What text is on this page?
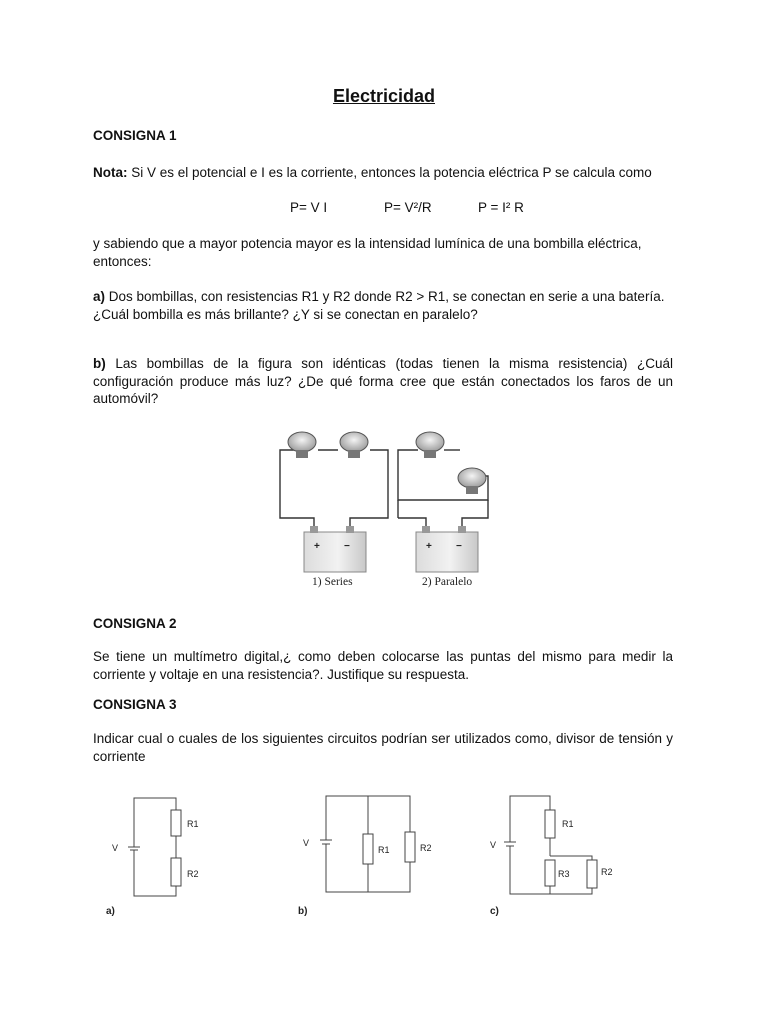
Electricidad
CONSIGNA 1
Nota: Si V es el potencial e I es la corriente, entonces la potencia eléctrica P se calcula como
P= V I	P= V²/R	P = I² R
y sabiendo que a mayor potencia mayor es la intensidad lumínica de una bombilla eléctrica, entonces:
a) Dos bombillas, con resistencias R1 y R2 donde R2 > R1, se conectan en serie a una batería.¿Cuál bombilla es más brillante? ¿Y si se conectan en paralelo?
b) Las bombillas de la figura son idénticas (todas tienen la misma resistencia) ¿Cuál configuración produce más luz? ¿De qué forma cree que están conectados los faros de un automóvil?
+ −	+ −
1) Series	2) Paralelo
CONSIGNA 2
Se tiene un multímetro digital,¿ como deben colocarse las puntas del mismo para medir la corriente y voltaje en una resistencia?. Justifique su respuesta.
CONSIGNA 3
Indicar cual o cuales de los siguientes circuitos podrían ser utilizados como, divisor de tensión y corriente
V
R1
R2
a)
V
R1	R2
b)
V
R1
R3	R2
c)
